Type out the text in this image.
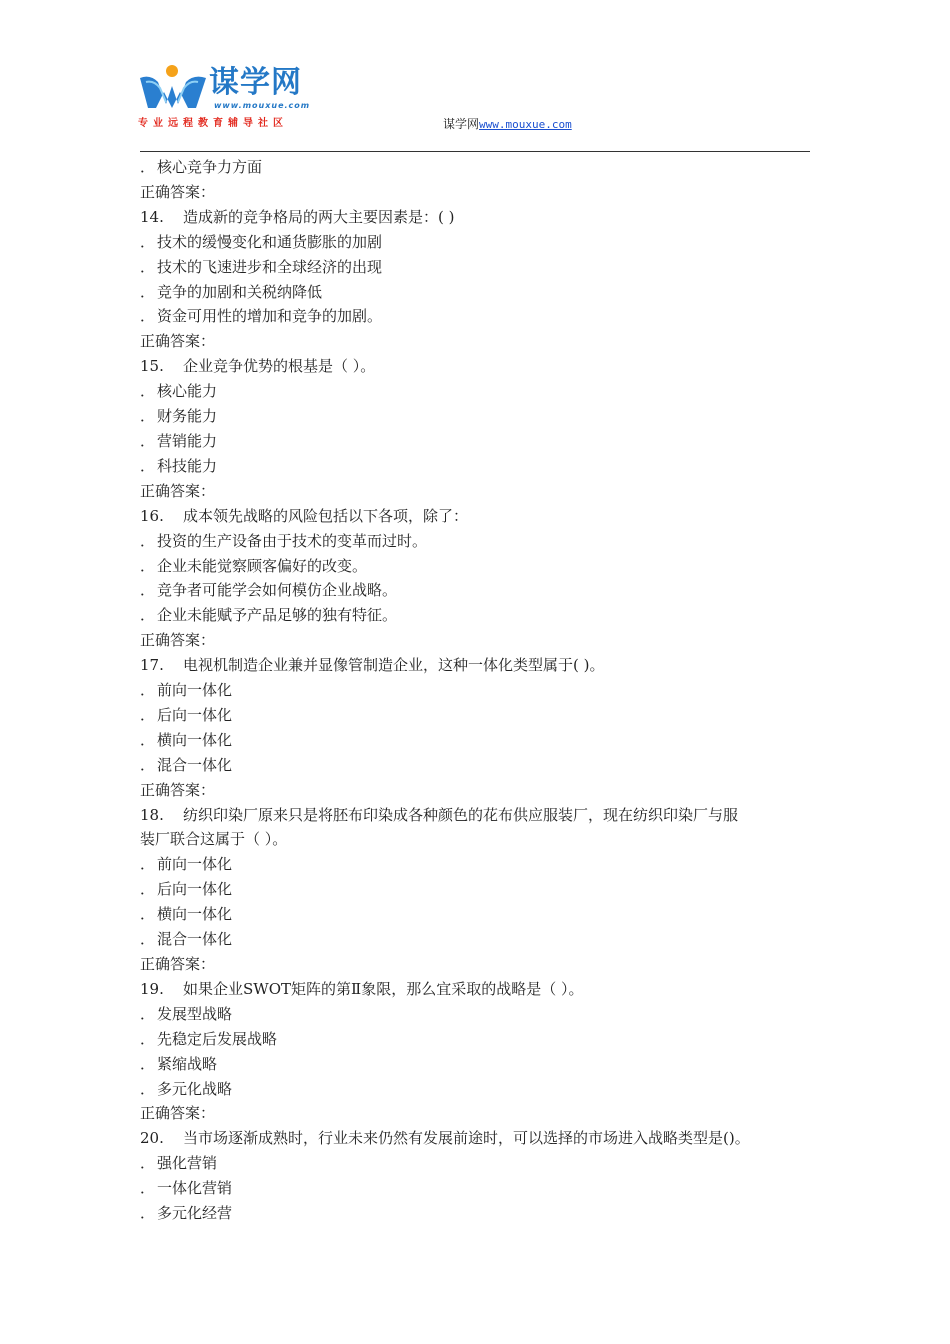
谋学网
www.mouxue.com
专业远程教育辅导社区	谋学网www.mouxue.com
． 核心竞争力方面
正确答案：
14. 造成新的竞争格局的两大主要因素是：( )
． 技术的缓慢变化和通货膨胀的加剧
． 技术的飞速进步和全球经济的出现
． 竞争的加剧和关税纳降低
． 资金可用性的增加和竞争的加剧。
正确答案：
15. 企业竞争优势的根基是（ ）。
． 核心能力
． 财务能力
． 营销能力
． 科技能力
正确答案：
16. 成本领先战略的风险包括以下各项，除了：
． 投资的生产设备由于技术的变革而过时。
． 企业未能觉察顾客偏好的改变。
． 竞争者可能学会如何模仿企业战略。
． 企业未能赋予产品足够的独有特征。
正确答案：
17. 电视机制造企业兼并显像管制造企业，这种一体化类型属于( )。
． 前向一体化
． 后向一体化
． 横向一体化
． 混合一体化
正确答案：
18. 纺织印染厂原来只是将胚布印染成各种颜色的花布供应服装厂，现在纺织印染厂与服
装厂联合这属于（ ）。
． 前向一体化
． 后向一体化
． 横向一体化
． 混合一体化
正确答案：
19. 如果企业SWOT矩阵的第Ⅱ象限，那么宜采取的战略是（ ）。
． 发展型战略
． 先稳定后发展战略
． 紧缩战略
． 多元化战略
正确答案：
20. 当市场逐渐成熟时，行业未来仍然有发展前途时，可以选择的市场进入战略类型是()。
． 强化营销
． 一体化营销
． 多元化经营
